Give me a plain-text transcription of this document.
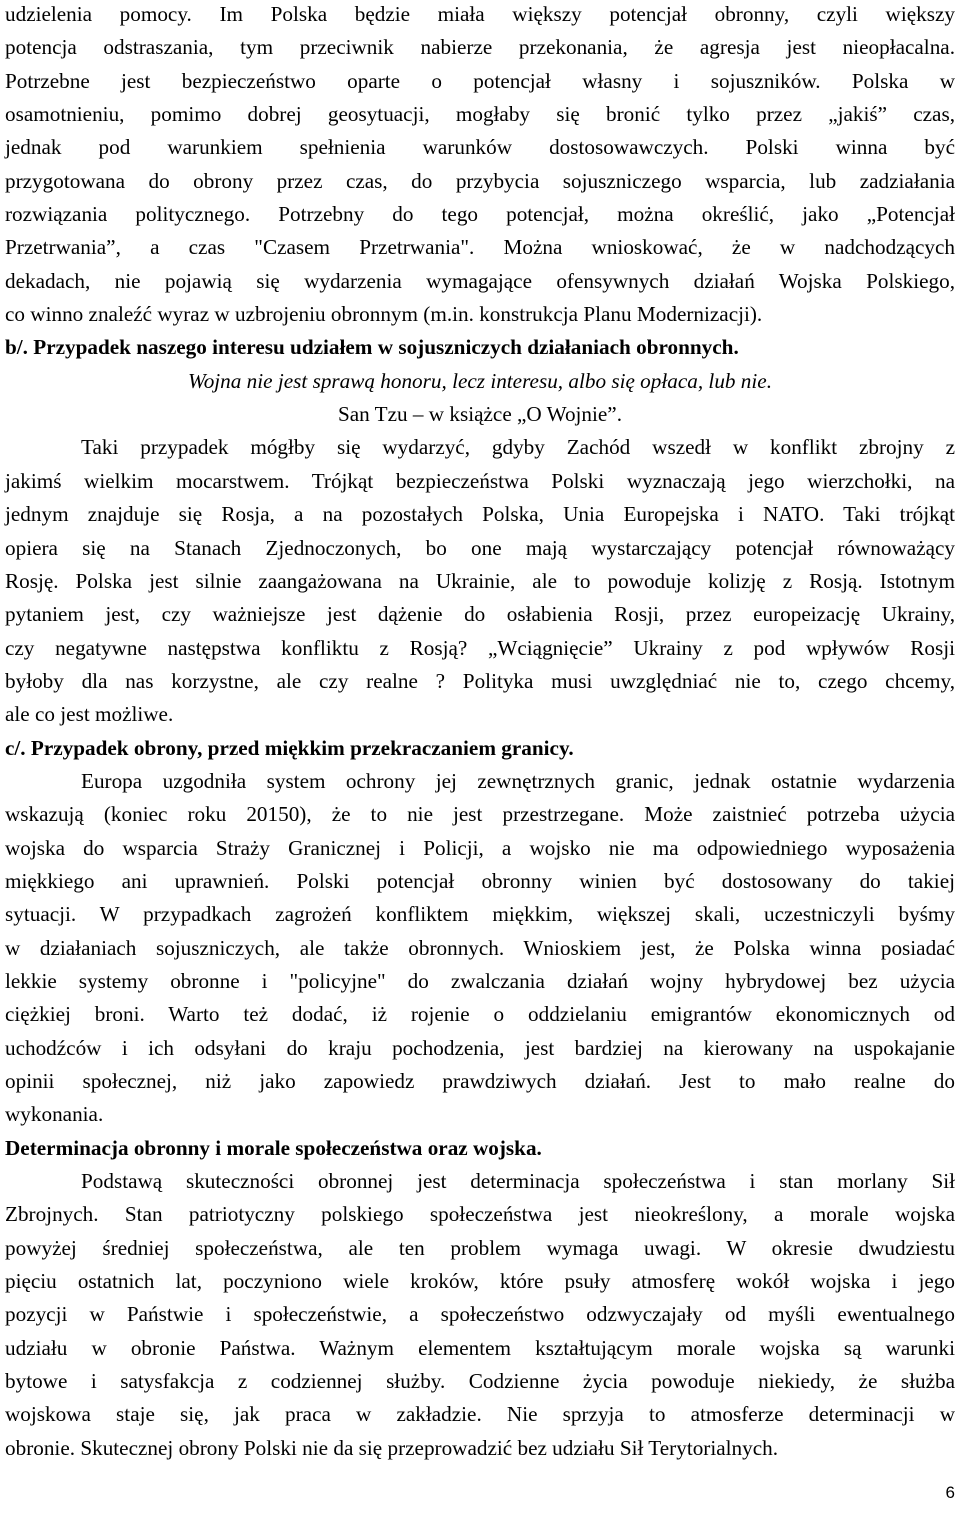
udzielenia pomocy. Im Polska będzie miała większy potencjał obronny, czyli większy
potencja odstraszania, tym przeciwnik nabierze przekonania, że agresja jest nieopłacalna.
Potrzebne jest bezpieczeństwo oparte o potencjał własny i sojuszników. Polska w
osamotnieniu, pomimo dobrej geosytuacji, mogłaby się bronić tylko przez „jakiś” czas,
jednak pod warunkiem spełnienia warunków dostosowawczych. Polski winna być
przygotowana do obrony przez czas, do przybycia sojuszniczego wsparcia, lub zadziałania
rozwiązania politycznego. Potrzebny do tego potencjał, można określić, jako „Potencjał
Przetrwania”, a czas "Czasem Przetrwania". Można wnioskować, że w nadchodzących
dekadach, nie pojawią się wydarzenia wymagające ofensywnych działań Wojska Polskiego,
co winno znaleźć wyraz w uzbrojeniu obronnym (m.in. konstrukcja Planu Modernizacji).
b/. Przypadek naszego interesu udziałem w sojuszniczych działaniach obronnych.
Wojna nie jest sprawą honoru, lecz interesu, albo się opłaca, lub nie.
San Tzu – w książce „O Wojnie”.
Taki przypadek mógłby się wydarzyć, gdyby Zachód wszedł w konflikt zbrojny z
jakimś wielkim mocarstwem. Trójkąt bezpieczeństwa Polski wyznaczają jego wierzchołki, na
jednym znajduje się Rosja, a na pozostałych Polska, Unia Europejska i NATO. Taki trójkąt
opiera się na Stanach Zjednoczonych, bo one mają wystarczający potencjał równoważący
Rosję. Polska jest silnie zaangażowana na Ukrainie, ale to powoduje kolizję z Rosją. Istotnym
pytaniem jest, czy ważniejsze jest dążenie do osłabienia Rosji, przez europeizację Ukrainy,
czy negatywne następstwa konfliktu z Rosją? „Wciągnięcie” Ukrainy z pod wpływów Rosji
byłoby dla nas korzystne, ale czy realne ? Polityka musi uwzględniać nie to, czego chcemy,
ale co jest możliwe.
c/. Przypadek obrony, przed miękkim przekraczaniem granicy.
Europa uzgodniła system ochrony jej zewnętrznych granic, jednak ostatnie wydarzenia
wskazują (koniec roku 20150), że to nie jest przestrzegane. Może zaistnieć potrzeba użycia
wojska do wsparcia Straży Granicznej i Policji, a wojsko nie ma odpowiedniego wyposażenia
miękkiego ani uprawnień. Polski potencjał obronny winien być dostosowany do takiej
sytuacji. W przypadkach zagrożeń konfliktem miękkim, większej skali, uczestniczyli byśmy
w działaniach sojuszniczych, ale także obronnych. Wnioskiem jest, że Polska winna posiadać
lekkie systemy obronne i "policyjne" do zwalczania działań wojny hybrydowej bez użycia
ciężkiej broni. Warto też dodać, iż rojenie o oddzielaniu emigrantów ekonomicznych od
uchodźców i ich odsyłani do kraju pochodzenia, jest bardziej na kierowany na uspokajanie
opinii społecznej, niż jako zapowiedz prawdziwych działań. Jest to mało realne do
wykonania.
Determinacja obronny i morale społeczeństwa oraz wojska.
Podstawą skuteczności obronnej jest determinacja społeczeństwa i stan morlany Sił
Zbrojnych. Stan patriotyczny polskiego społeczeństwa jest nieokreślony, a morale wojska
powyżej średniej społeczeństwa, ale ten problem wymaga uwagi. W okresie dwudziestu
pięciu ostatnich lat, poczyniono wiele kroków, które psuły atmosferę wokół wojska i jego
pozycji w Państwie i społeczeństwie, a społeczeństwo odzwyczajały od myśli ewentualnego
udziału w obronie Państwa. Ważnym elementem kształtującym morale wojska są warunki
bytowe i satysfakcja z codziennej służby. Codzienne życia powoduje niekiedy, że służba
wojskowa staje się, jak praca w zakładzie. Nie sprzyja to atmosferze determinacji w
obronie. Skutecznej obrony Polski nie da się przeprowadzić bez udziału Sił Terytorialnych.
6
